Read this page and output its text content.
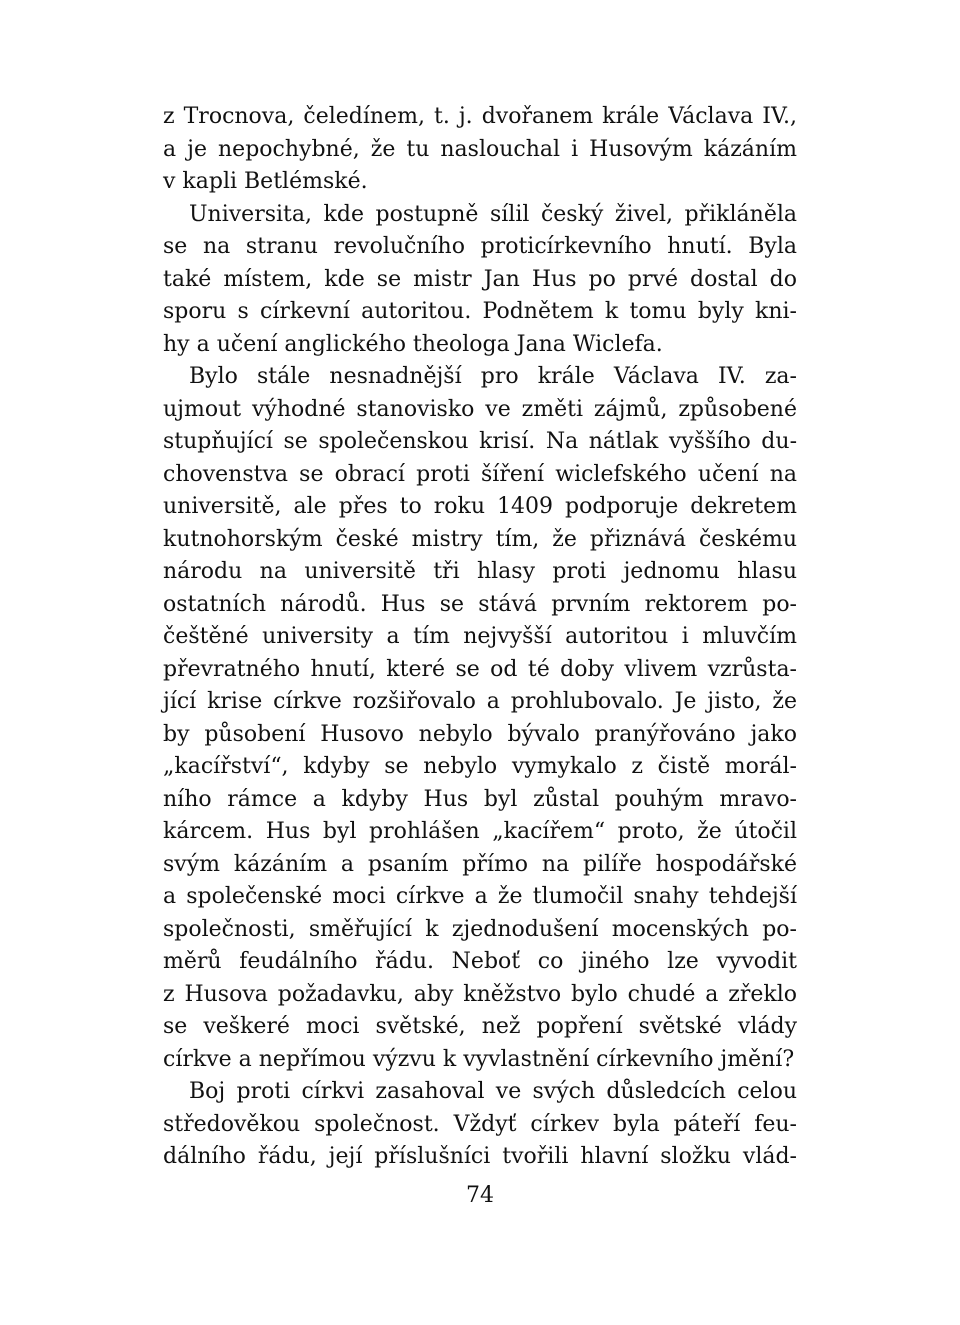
z Trocnova, čeledínem, t. j. dvořanem krále Václava IV.,
a je nepochybné, že tu naslouchal i Husovým kázáním
v kapli Betlémské.
Universita, kde postupně sílil český živel, přikláněla
se na stranu revolučního proticírkevního hnutí. Byla
také místem, kde se mistr Jan Hus po prvé dostal do
sporu s církevní autoritou. Podnětem k tomu byly kni-
hy a učení anglického theologa Jana Wiclefa.
Bylo stále nesnadnější pro krále Václava IV. za-
ujmout výhodné stanovisko ve změti zájmů, způsobené
stupňující se společenskou krisí. Na nátlak vyššího du-
chovenstva se obrací proti šíření wiclefského učení na
universitě, ale přes to roku 1409 podporuje dekretem
kutnohorským české mistry tím, že přiznává českému
národu na universitě tři hlasy proti jednomu hlasu
ostatních národů. Hus se stává prvním rektorem po-
češtěné university a tím nejvyšší autoritou i mluvčím
převratného hnutí, které se od té doby vlivem vzrůsta-
jící krise církve rozšiřovalo a prohlubovalo. Je jisto, že
by působení Husovo nebylo bývalo pranýřováno jako
„kacířství“, kdyby se nebylo vymykalo z čistě morál-
ního rámce a kdyby Hus byl zůstal pouhým mravo-
kárcem. Hus byl prohlášen „kacířem“ proto, že útočil
svým kázáním a psaním přímo na pilíře hospodářské
a společenské moci církve a že tlumočil snahy tehdejší
společnosti, směřující k zjednodušení mocenských po-
měrů feudálního řádu. Neboť co jiného lze vyvodit
z Husova požadavku, aby kněžstvo bylo chudé a zřeklo
se veškeré moci světské, než popření světské vlády
církve a nepřímou výzvu k vyvlastnění církevního jmění?
Boj proti církvi zasahoval ve svých důsledcích celou
středověkou společnost. Vždyť církev byla páteří feu-
dálního řádu, její příslušníci tvořili hlavní složku vlád-
74
